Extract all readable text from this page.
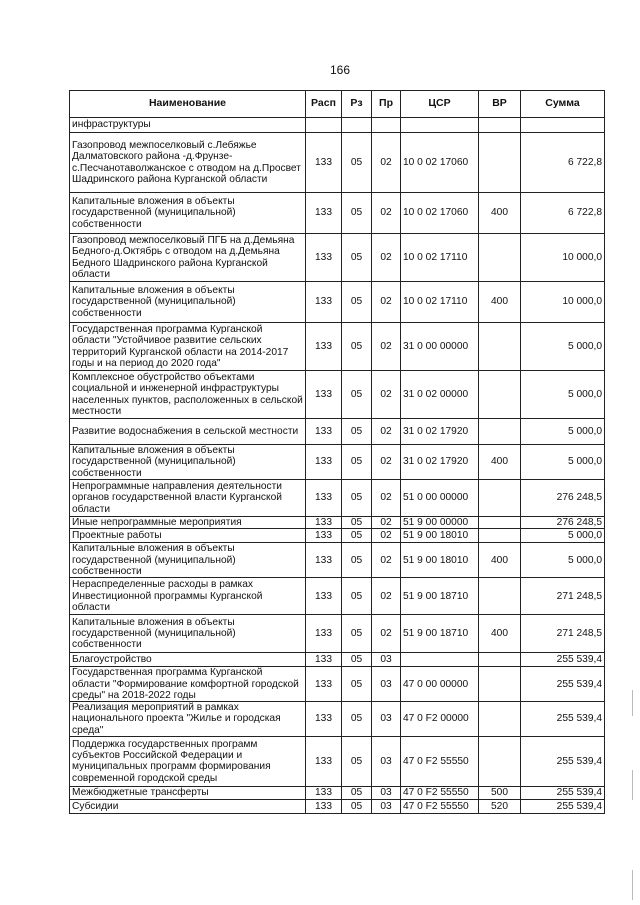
166
Наименование	Расп	Рз	Пр	ЦСР	ВР	Сумма
инфраструктуры						
Газопровод межпоселковый с.Лебяжье Далматовского района -д.Фрунзе-с.Песчанотаволжанское с отводом на д.Просвет Шадринского района Курганской области	133	05	02	10 0 02 17060		6 722,8
Капитальные вложения в объекты государственной (муниципальной) собственности	133	05	02	10 0 02 17060	400	6 722,8
Газопровод межпоселковый ПГБ на д.Демьяна Бедного-д.Октябрь с отводом на д.Демьяна Бедного Шадринского района Курганской области	133	05	02	10 0 02 17110		10 000,0
Капитальные вложения в объекты государственной (муниципальной) собственности	133	05	02	10 0 02 17110	400	10 000,0
Государственная программа Курганской области "Устойчивое развитие сельских территорий Курганской области на 2014-2017 годы и на период до 2020 года"	133	05	02	31 0 00 00000		5 000,0
Комплексное обустройство объектами социальной и инженерной инфраструктуры населенных пунктов, расположенных в сельской местности	133	05	02	31 0 02 00000		5 000,0
Развитие водоснабжения в сельской местности	133	05	02	31 0 02 17920		5 000,0
Капитальные вложения в объекты государственной (муниципальной) собственности	133	05	02	31 0 02 17920	400	5 000,0
Непрограммные направления деятельности органов государственной власти Курганской области	133	05	02	51 0 00 00000		276 248,5
Иные непрограммные мероприятия	133	05	02	51 9 00 00000		276 248,5
Проектные работы	133	05	02	51 9 00 18010		5 000,0
Капитальные вложения в объекты государственной (муниципальной) собственности	133	05	02	51 9 00 18010	400	5 000,0
Нераспределенные расходы в рамках Инвестиционной программы Курганской области	133	05	02	51 9 00 18710		271 248,5
Капитальные вложения в объекты государственной (муниципальной) собственности	133	05	02	51 9 00 18710	400	271 248,5
Благоустройство	133	05	03			255 539,4
Государственная программа Курганской области "Формирование комфортной городской среды" на 2018-2022 годы	133	05	03	47 0 00 00000		255 539,4
Реализация мероприятий в рамках национального проекта "Жилье и городская среда"	133	05	03	47 0 F2 00000		255 539,4
Поддержка государственных программ субъектов Российской Федерации и муниципальных программ формирования современной городской среды	133	05	03	47 0 F2 55550		255 539,4
Межбюджетные трансферты	133	05	03	47 0 F2 55550	500	255 539,4
Субсидии	133	05	03	47 0 F2 55550	520	255 539,4
